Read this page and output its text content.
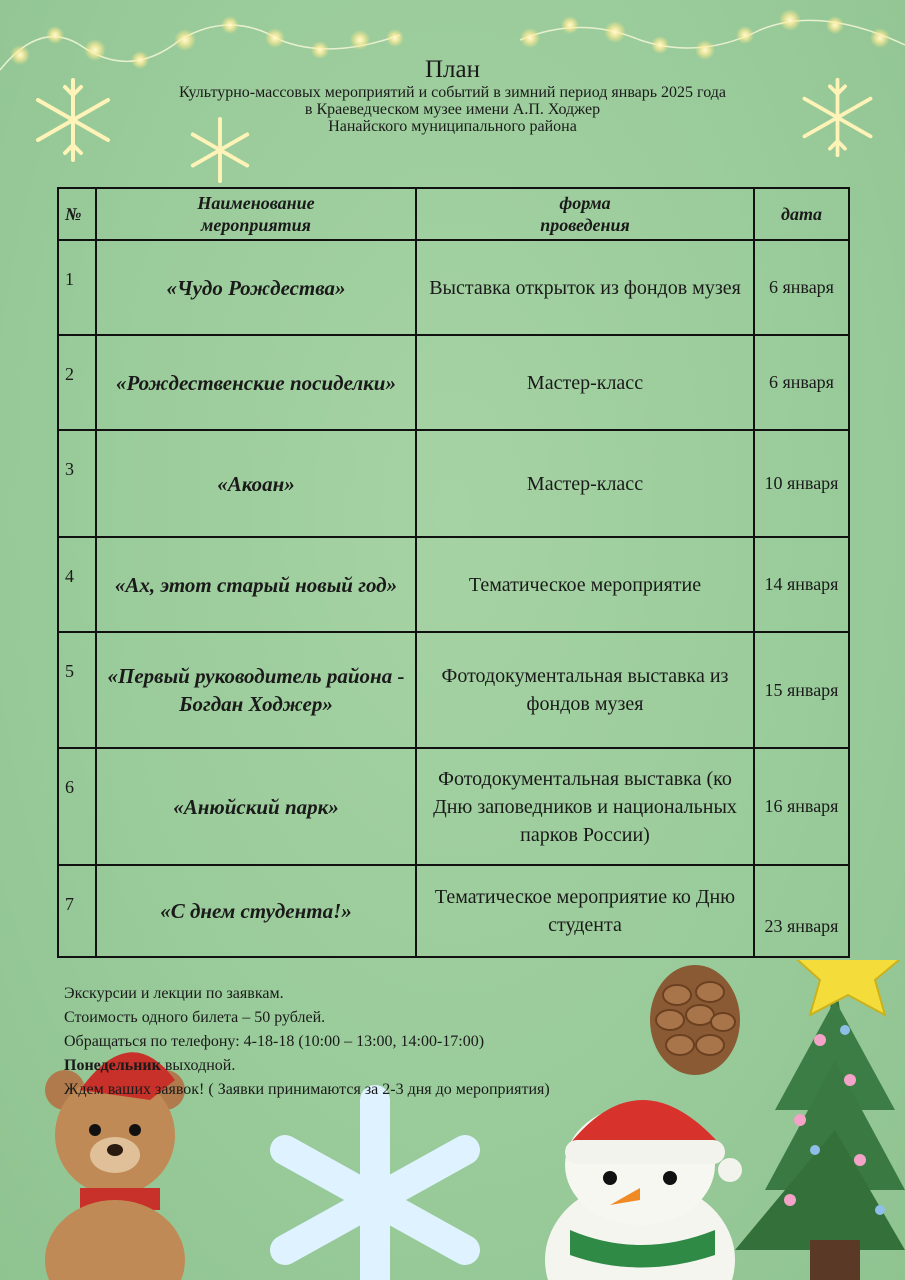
План
Культурно-массовых мероприятий и событий в зимний период январь 2025 года
в Краеведческом музее имени А.П. Ходжер
Нанайского муниципального района
№	Наименование мероприятия	форма проведения	дата
1	«Чудо Рождества»	Выставка открыток из фондов музея	6 января
2	«Рождественские посиделки»	Мастер-класс	6 января
3	«Акоан»	Мастер-класс	10 января
4	«Ах, этот старый новый год»	Тематическое мероприятие	14 января
5	«Первый руководитель района - Богдан Ходжер»	Фотодокументальная выставка из фондов музея	15 января
6	«Анюйский парк»	Фотодокументальная выставка (ко Дню заповедников и национальных парков России)	16 января
7	«С днем студента!»	Тематическое мероприятие ко Дню студента	23 января
Экскурсии и лекции по заявкам.
Стоимость одного билета – 50 рублей.
Обращаться по телефону: 4-18-18 (10:00 – 13:00, 14:00-17:00)
Понедельник выходной.
Ждем ваших заявок! ( Заявки принимаются за 2-3 дня до мероприятия)
